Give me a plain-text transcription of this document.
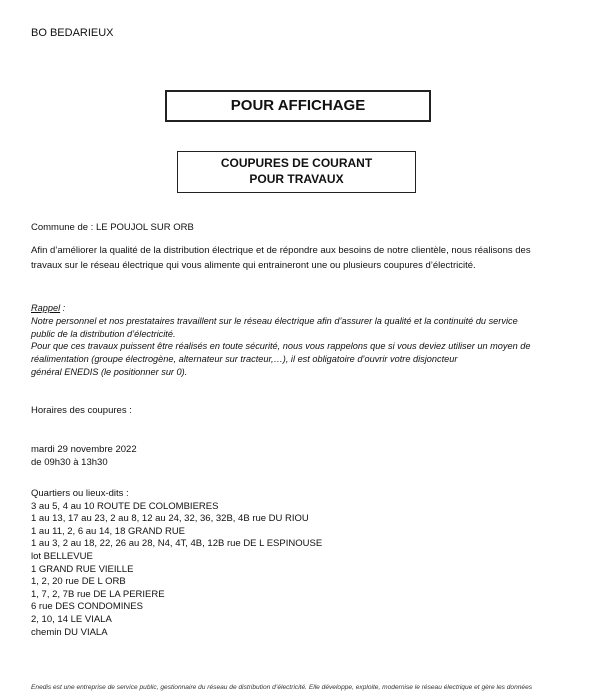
BO BEDARIEUX
POUR AFFICHAGE
COUPURES DE COURANT
POUR TRAVAUX
Commune de : LE POUJOL SUR ORB
Afin d’améliorer la qualité de la distribution électrique et de répondre aux besoins de notre clientèle, nous réalisons des
travaux sur le réseau électrique qui vous alimente qui entraineront une ou plusieurs coupures d’électricité.
Rappel :
Notre personnel et nos prestataires travaillent sur le réseau électrique afin d’assurer la qualité et la continuité du service
public de la distribution d’électricité.
Pour que ces travaux puissent être réalisés en toute sécurité, nous vous rappelons que si vous deviez utiliser un moyen de
réalimentation (groupe électrogène, alternateur sur tracteur,…), il est obligatoire d’ouvrir votre disjoncteur
général ENEDIS (le positionner sur 0).
Horaires des coupures :
mardi 29 novembre 2022
de 09h30 à 13h30
Quartiers ou lieux-dits :
3 au 5, 4 au 10 ROUTE DE COLOMBIERES
1 au 13, 17 au 23, 2 au 8, 12 au 24, 32, 36, 32B, 4B rue DU RIOU
1 au 11, 2, 6 au 14, 18 GRAND RUE
1 au 3, 2 au 18, 22, 26 au 28, N4, 4T, 4B, 12B rue DE L ESPINOUSE
lot BELLEVUE
1 GRAND RUE VIEILLE
1, 2, 20 rue DE L ORB
1, 7, 2, 7B rue DE LA PERIERE
6 rue DES CONDOMINES
2, 10, 14 LE VIALA
chemin DU VIALA
Enedis est une entreprise de service public, gestionnaire du réseau de distribution d’électricité. Elle développe, exploite, modernise le réseau électrique et gère les données
